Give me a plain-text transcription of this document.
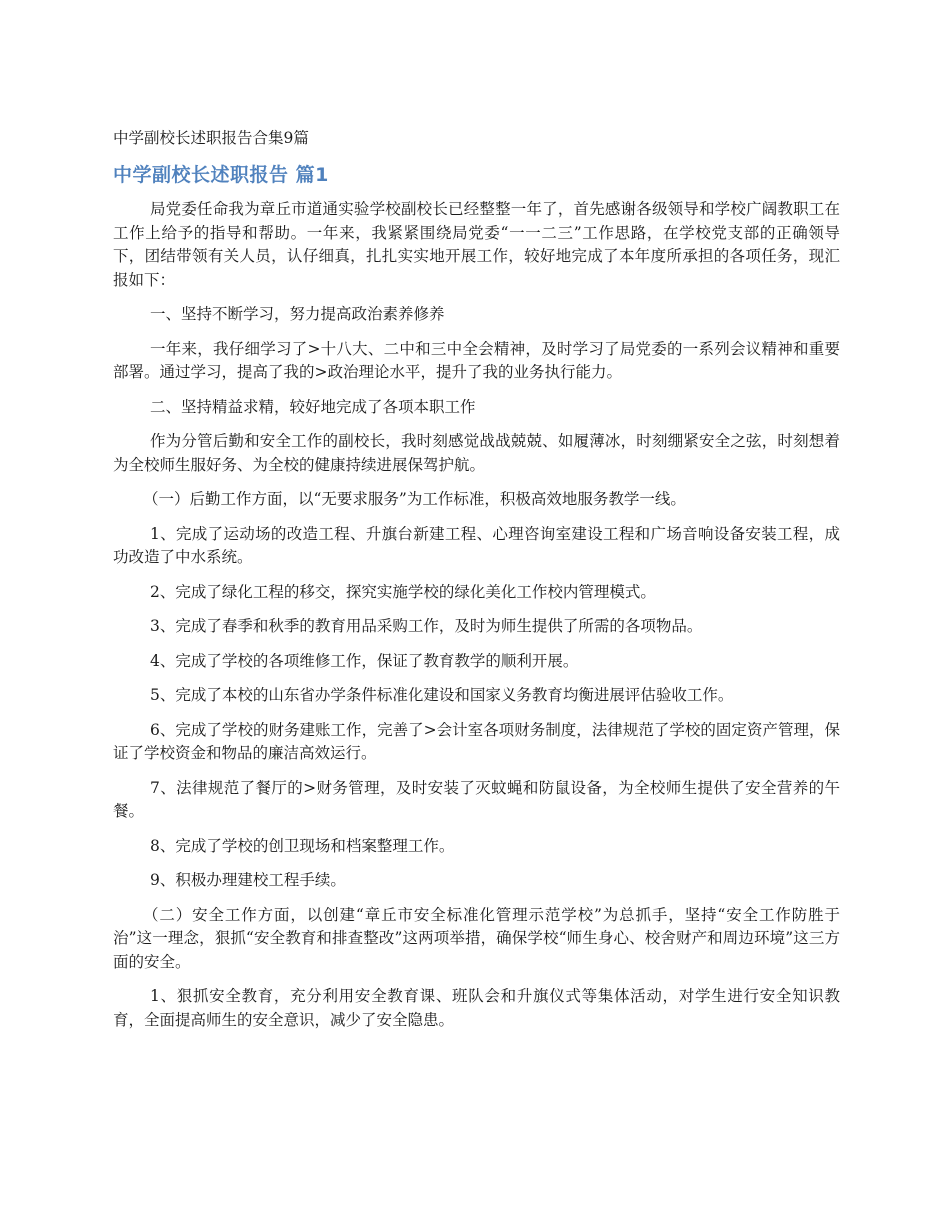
中学副校长述职报告合集9篇
中学副校长述职报告 篇1

局党委任命我为章丘市道通实验学校副校长已经整整一年了，首先感谢各级领导和学校广阔教职工在工作上给予的指导和帮助。一年来，我紧紧围绕局党委“一一二三”工作思路，在学校党支部的正确领导下，团结带领有关人员，认仔细真，扎扎实实地开展工作，较好地完成了本年度所承担的各项任务，现汇报如下：

一、坚持不断学习，努力提高政治素养修养

一年来，我仔细学习了>十八大、二中和三中全会精神，及时学习了局党委的一系列会议精神和重要部署。通过学习，提高了我的>政治理论水平，提升了我的业务执行能力。

二、坚持精益求精，较好地完成了各项本职工作

作为分管后勤和安全工作的副校长，我时刻感觉战战兢兢、如履薄冰，时刻绷紧安全之弦，时刻想着为全校师生服好务、为全校的健康持续进展保驾护航。

（一）后勤工作方面，以“无要求服务”为工作标准，积极高效地服务教学一线。

1、完成了运动场的改造工程、升旗台新建工程、心理咨询室建设工程和广场音响设备安装工程，成功改造了中水系统。

2、完成了绿化工程的移交，探究实施学校的绿化美化工作校内管理模式。

3、完成了春季和秋季的教育用品采购工作，及时为师生提供了所需的各项物品。

4、完成了学校的各项维修工作，保证了教育教学的顺利开展。

5、完成了本校的山东省办学条件标准化建设和国家义务教育均衡进展评估验收工作。

6、完成了学校的财务建账工作，完善了>会计室各项财务制度，法律规范了学校的固定资产管理，保证了学校资金和物品的廉洁高效运行。

7、法律规范了餐厅的>财务管理，及时安装了灭蚊蝇和防鼠设备，为全校师生提供了安全营养的午餐。

8、完成了学校的创卫现场和档案整理工作。

9、积极办理建校工程手续。

（二）安全工作方面，以创建“章丘市安全标准化管理示范学校”为总抓手，坚持“安全工作防胜于治”这一理念，狠抓“安全教育和排查整改”这两项举措，确保学校“师生身心、校舍财产和周边环境”这三方面的安全。

1、狠抓安全教育，充分利用安全教育课、班队会和升旗仪式等集体活动，对学生进行安全知识教育，全面提高师生的安全意识，减少了安全隐患。
